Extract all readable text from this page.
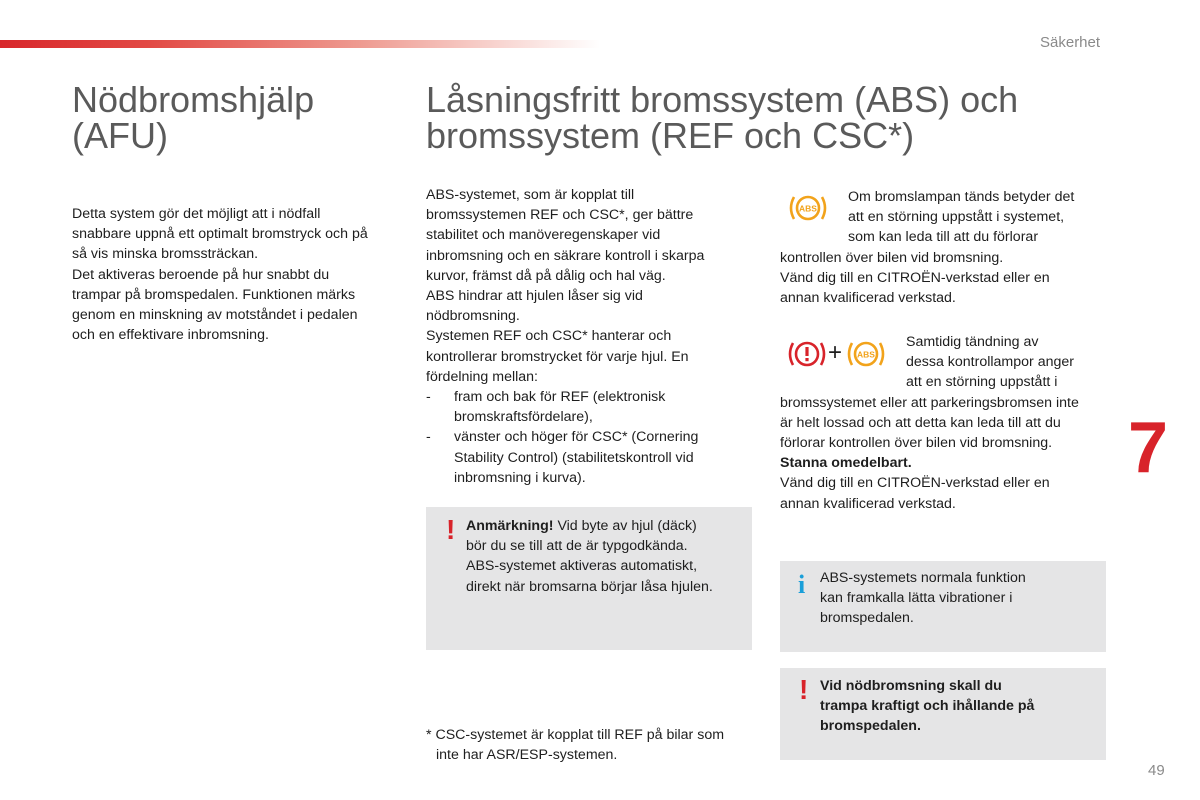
Säkerhet
Nödbromshjälp
(AFU)

Detta system gör det möjligt att i nödfall

snabbare uppnå ett optimalt bromstryck och på

så vis minska bromssträckan.

Det aktiveras beroende på hur snabbt du

trampar på bromspedalen. Funktionen märks

genom en minskning av motståndet i pedalen

och en effektivare inbromsning.

Låsningsfritt bromssystem (ABS) och
bromssystem (REF och CSC*)

ABS-systemet, som är kopplat till

bromssystemen REF och CSC*, ger bättre

stabilitet och manöveregenskaper vid

inbromsning och en säkrare kontroll i skarpa

kurvor, främst då på dålig och hal väg.

ABS hindrar att hjulen låser sig vid

nödbromsning.

Systemen REF och CSC* hanterar och

kontrollerar bromstrycket för varje hjul. En

fördelning mellan:

- fram och bak för REF (elektronisk
bromskraftsfördelare),
- vänster och höger för CSC* (Cornering
Stability Control) (stabilitetskontroll vid
inbromsning i kurva).
! Anmärkning! Vid byte av hjul (däck)
bör du se till att de är typgodkända.
ABS-systemet aktiveras automatiskt,
direkt när bromsarna börjar låsa hjulen.

* CSC-systemet är kopplat till REF på bilar som

inte har ASR/ESP-systemen.

ABS

Om bromslampan tänds betyder det

att en störning uppstått i systemet,

som kan leda till att du förlorar

kontrollen över bilen vid bromsning.

Vänd dig till en CITROËN-verkstad eller en

annan kvalificerad verkstad.

+ ABS

Samtidig tändning av

dessa kontrollampor anger

att en störning uppstått i

bromssystemet eller att parkeringsbromsen inte

är helt lossad och att detta kan leda till att du

förlorar kontrollen över bilen vid bromsning.

Stanna omedelbart.

Vänd dig till en CITROËN-verkstad eller en

annan kvalificerad verkstad.

i ABS-systemets normala funktion
kan framkalla lätta vibrationer i
bromspedalen.
! Vid nödbromsning skall du
trampa kraftigt och ihållande på
bromspedalen.
7
49
